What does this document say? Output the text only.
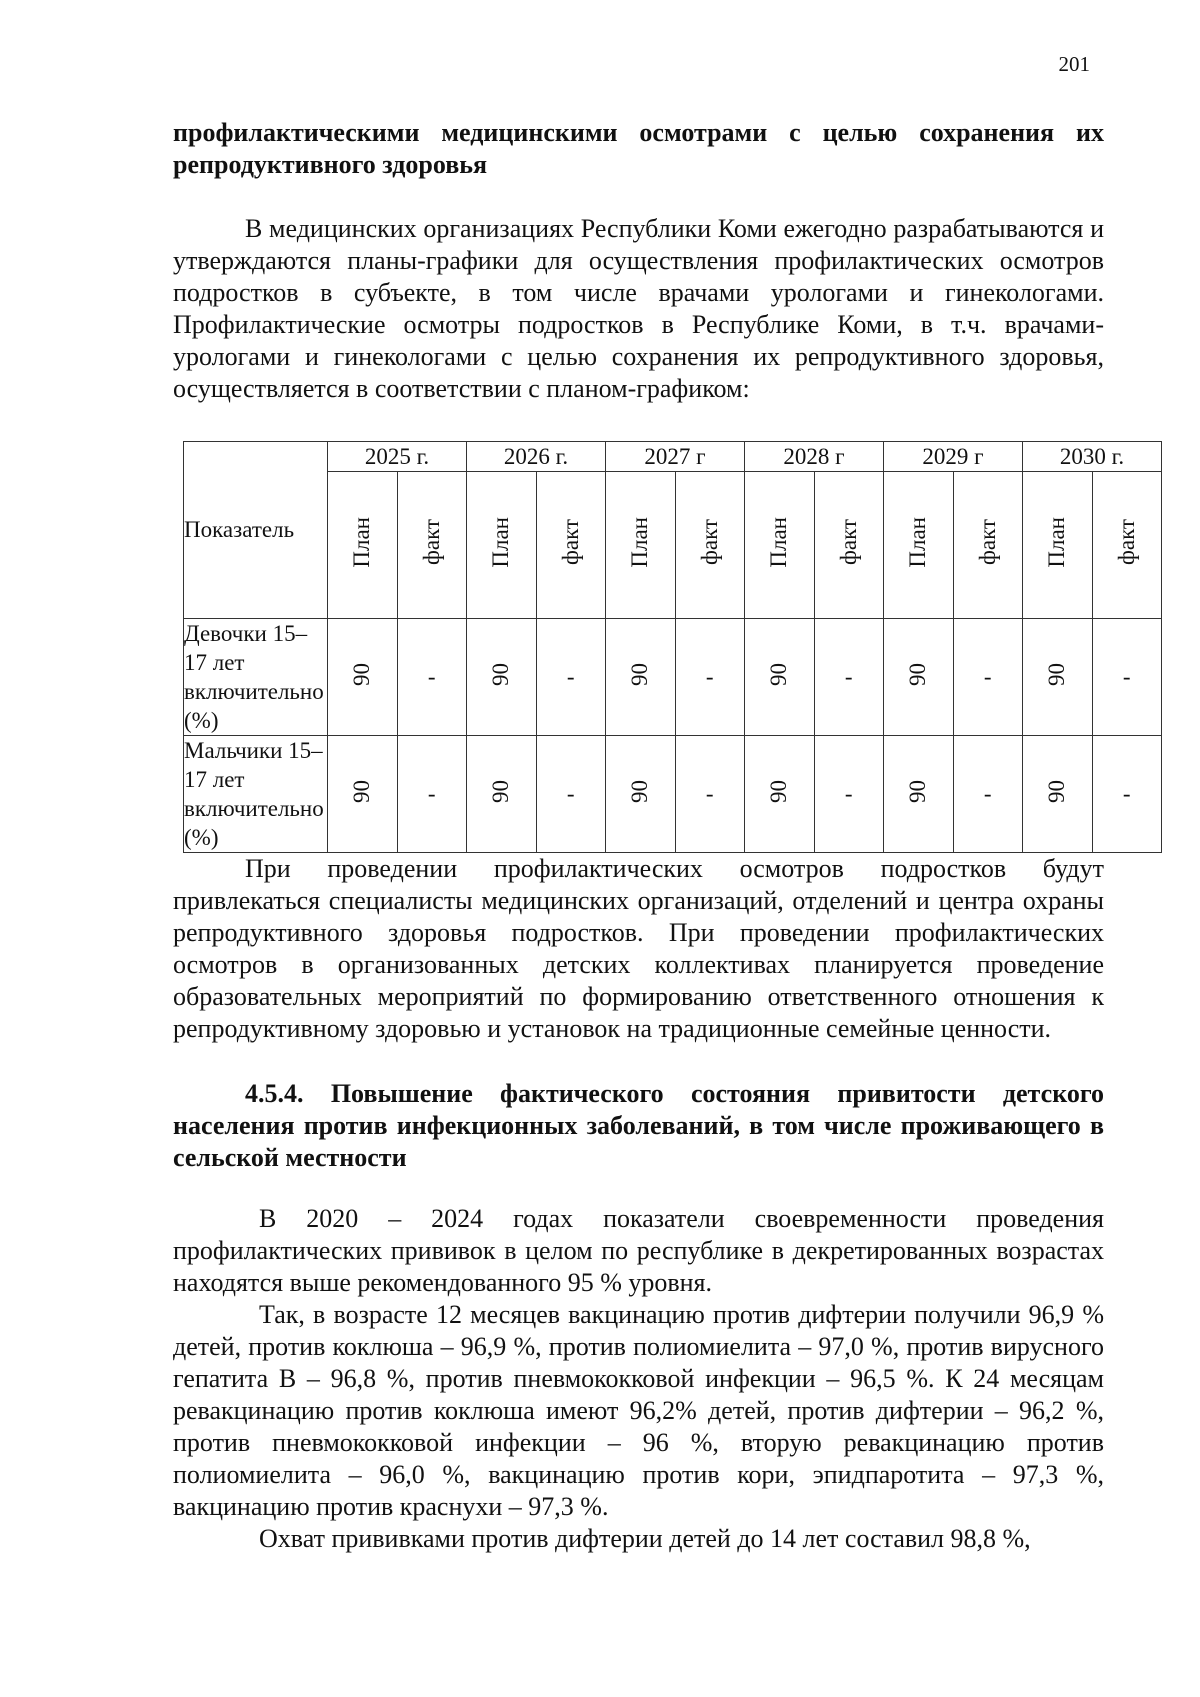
201
профилактическими медицинскими осмотрами с целью сохранения их репродуктивного здоровья
В медицинских организациях Республики Коми ежегодно разрабатываются и утверждаются планы-графики для осуществления профилактических осмотров подростков в субъекте, в том числе врачами урологами и гинекологами. Профилактические осмотры подростков в Республике Коми, в т.ч. врачами-урологами и гинекологами с целью сохранения их репродуктивного здоровья, осуществляется в соответствии с планом-графиком:
Показатель	2025 г.		2026 г.		2027 г		2028 г		2029 г		2030 г.	
	План	факт	План	факт	План	факт	План	факт	План	факт	План	факт
Девочки 15–17 лет включительно (%)	90	-	90	-	90	-	90	-	90	-	90	-
Мальчики 15–17 лет включительно (%)	90	-	90	-	90	-	90	-	90	-	90	-
При проведении профилактических осмотров подростков будут привлекаться специалисты медицинских организаций, отделений и центра охраны репродуктивного здоровья подростков. При проведении профилактических осмотров в организованных детских коллективах планируется проведение образовательных мероприятий по формированию ответственного отношения к репродуктивному здоровью и установок на традиционные семейные ценности.
4.5.4. Повышение фактического состояния привитости детского населения против инфекционных заболеваний, в том числе проживающего в сельской местности
В 2020 – 2024 годах показатели своевременности проведения профилактических прививок в целом по республике в декретированных возрастах находятся выше рекомендованного 95 % уровня.
Так, в возрасте 12 месяцев вакцинацию против дифтерии получили 96,9 % детей, против коклюша – 96,9 %, против полиомиелита – 97,0 %, против вирусного гепатита В – 96,8 %, против пневмококковой инфекции – 96,5 %. К 24 месяцам ревакцинацию против коклюша имеют 96,2% детей, против дифтерии – 96,2 %, против пневмококковой инфекции – 96 %, вторую ревакцинацию против полиомиелита – 96,0 %, вакцинацию против кори, эпидпаротита – 97,3 %, вакцинацию против краснухи – 97,3 %.
Охват прививками против дифтерии детей до 14 лет составил 98,8 %,
